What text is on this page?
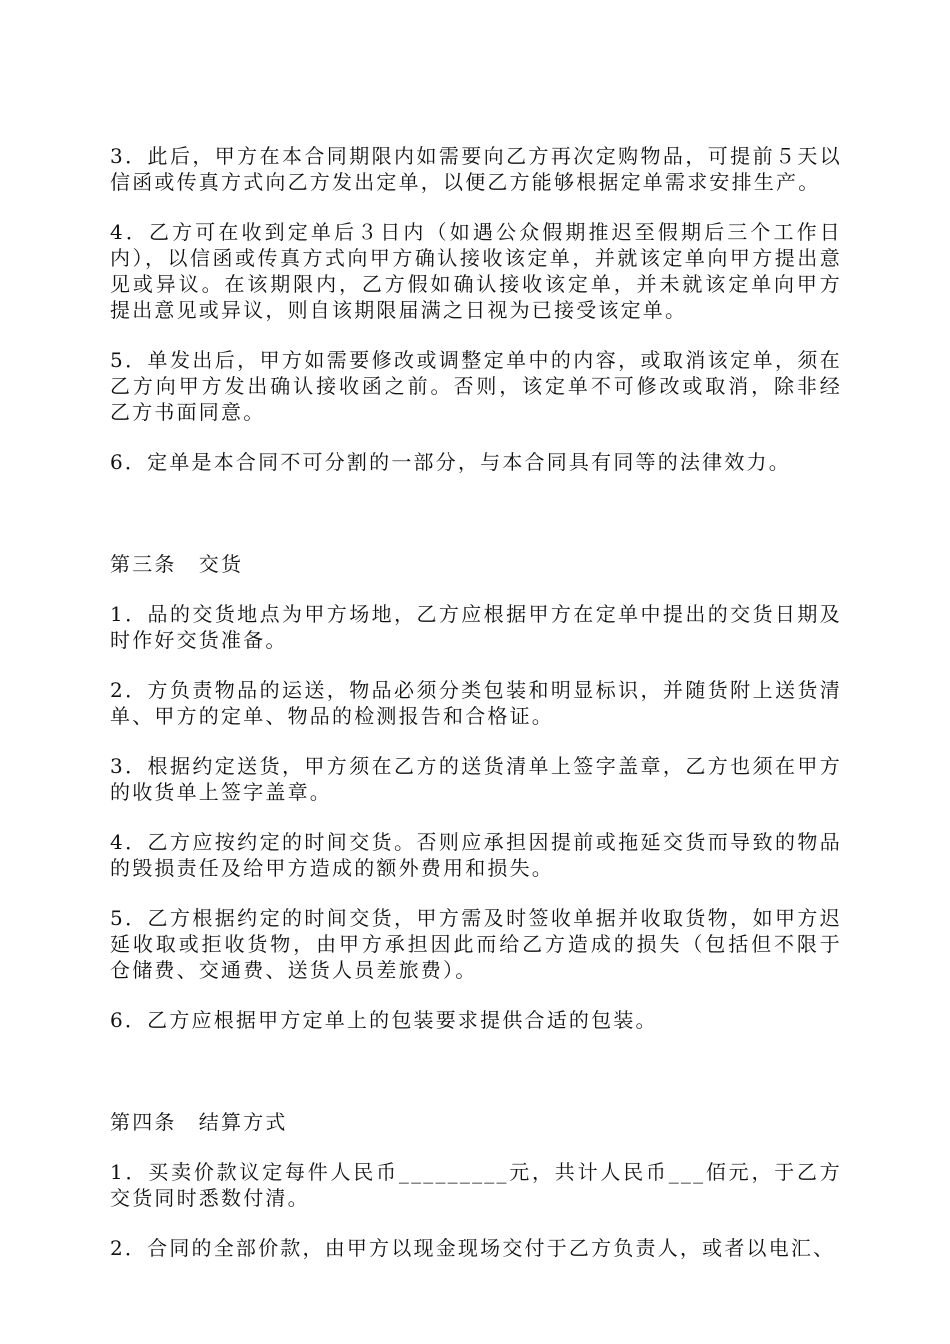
3．此后，甲方在本合同期限内如需要向乙方再次定购物品，可提前５天以信函或传真方式向乙方发出定单，以便乙方能够根据定单需求安排生产。

4．乙方可在收到定单后３日内（如遇公众假期推迟至假期后三个工作日内），以信函或传真方式向甲方确认接收该定单，并就该定单向甲方提出意见或异议。在该期限内，乙方假如确认接收该定单，并未就该定单向甲方提出意见或异议，则自该期限届满之日视为已接受该定单。

5．单发出后，甲方如需要修改或调整定单中的内容，或取消该定单，须在乙方向甲方发出确认接收函之前。否则，该定单不可修改或取消，除非经乙方书面同意。

6．定单是本合同不可分割的一部分，与本合同具有同等的法律效力。

第三条　交货

1．品的交货地点为甲方场地，乙方应根据甲方在定单中提出的交货日期及时作好交货准备。

2．方负责物品的运送，物品必须分类包装和明显标识，并随货附上送货清单、甲方的定单、物品的检测报告和合格证。

3．根据约定送货，甲方须在乙方的送货清单上签字盖章，乙方也须在甲方的收货单上签字盖章。

4．乙方应按约定的时间交货。否则应承担因提前或拖延交货而导致的物品的毁损责任及给甲方造成的额外费用和损失。

5．乙方根据约定的时间交货，甲方需及时签收单据并收取货物，如甲方迟延收取或拒收货物，由甲方承担因此而给乙方造成的损失（包括但不限于仓储费、交通费、送货人员差旅费）。

6．乙方应根据甲方定单上的包装要求提供合适的包装。

第四条　结算方式

1．买卖价款议定每件人民币_________元，共计人民币___佰元，于乙方交货同时悉数付清。

2．合同的全部价款，由甲方以现金现场交付于乙方负责人，或者以电汇、
